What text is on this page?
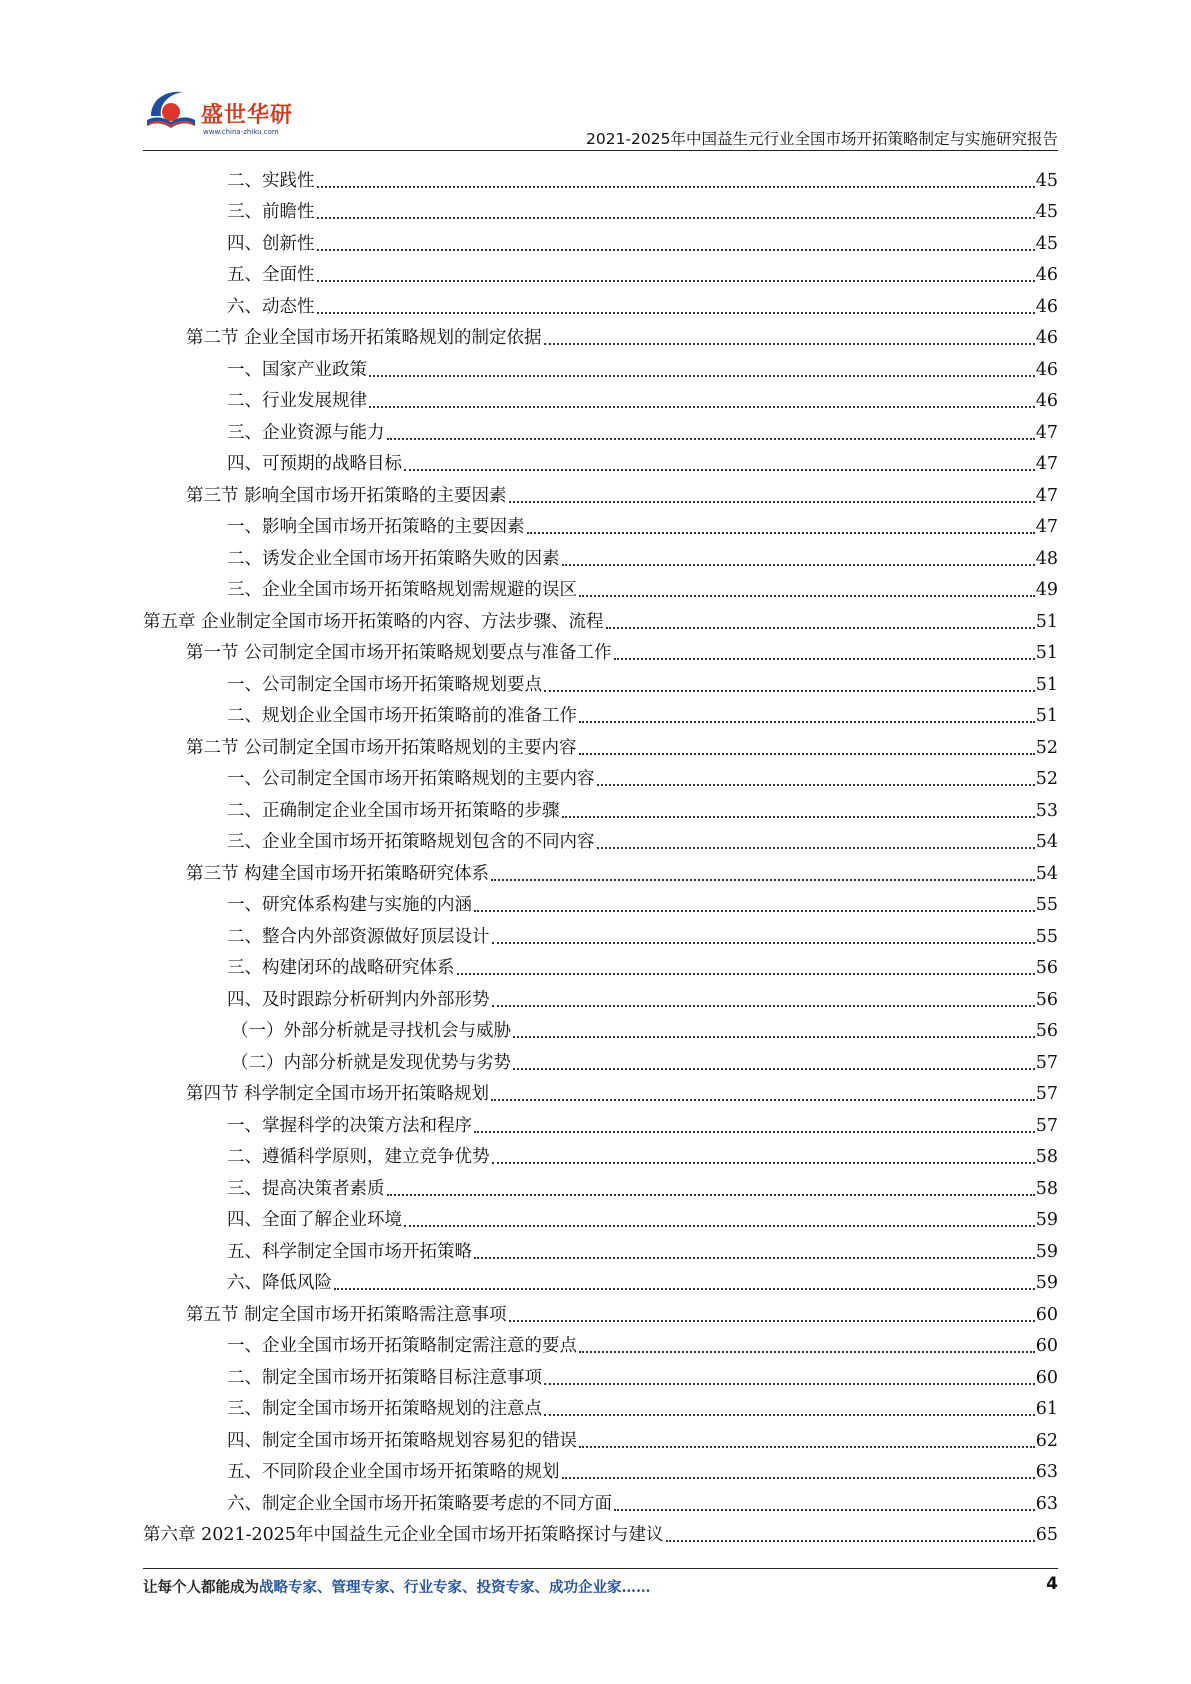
盛世华研
www.china-zhiku.com	2021-2025年中国益生元行业全国市场开拓策略制定与实施研究报告
二、实践性	45
三、前瞻性	45
四、创新性	45
五、全面性	46
六、动态性	46
第二节 企业全国市场开拓策略规划的制定依据	46
一、国家产业政策	46
二、行业发展规律	46
三、企业资源与能力	47
四、可预期的战略目标	47
第三节 影响全国市场开拓策略的主要因素	47
一、影响全国市场开拓策略的主要因素	47
二、诱发企业全国市场开拓策略失败的因素	48
三、企业全国市场开拓策略规划需规避的误区	49
第五章 企业制定全国市场开拓策略的内容、方法步骤、流程	51
第一节 公司制定全国市场开拓策略规划要点与准备工作	51
一、公司制定全国市场开拓策略规划要点	51
二、规划企业全国市场开拓策略前的准备工作	51
第二节 公司制定全国市场开拓策略规划的主要内容	52
一、公司制定全国市场开拓策略规划的主要内容	52
二、正确制定企业全国市场开拓策略的步骤	53
三、企业全国市场开拓策略规划包含的不同内容	54
第三节 构建全国市场开拓策略研究体系	54
一、研究体系构建与实施的内涵	55
二、整合内外部资源做好顶层设计	55
三、构建闭环的战略研究体系	56
四、及时跟踪分析研判内外部形势	56
（一）外部分析就是寻找机会与威胁	56
（二）内部分析就是发现优势与劣势	57
第四节 科学制定全国市场开拓策略规划	57
一、掌握科学的决策方法和程序	57
二、遵循科学原则，建立竞争优势	58
三、提高决策者素质	58
四、全面了解企业环境	59
五、科学制定全国市场开拓策略	59
六、降低风险	59
第五节 制定全国市场开拓策略需注意事项	60
一、企业全国市场开拓策略制定需注意的要点	60
二、制定全国市场开拓策略目标注意事项	60
三、制定全国市场开拓策略规划的注意点	61
四、制定全国市场开拓策略规划容易犯的错误	62
五、不同阶段企业全国市场开拓策略的规划	63
六、制定企业全国市场开拓策略要考虑的不同方面	63
第六章 2021-2025年中国益生元企业全国市场开拓策略探讨与建议	65
让每个人都能成为战略专家、管理专家、行业专家、投资专家、成功企业家……	4
